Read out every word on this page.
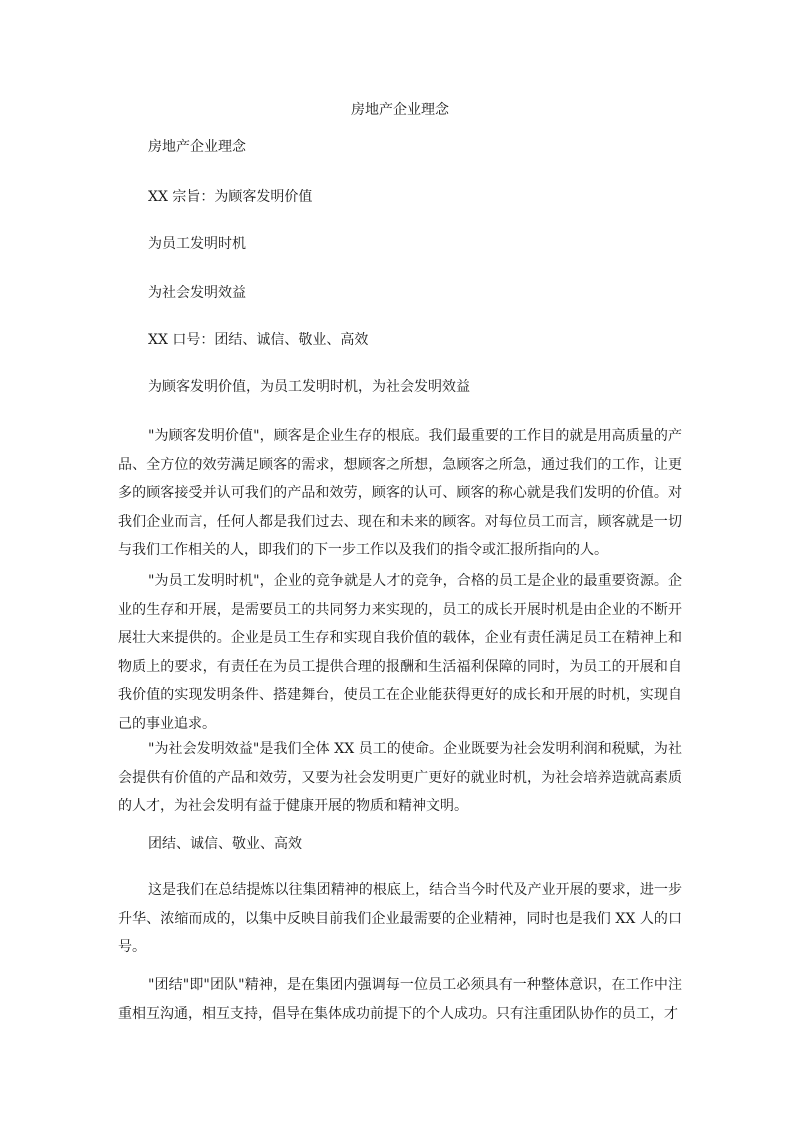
房地产企业理念
房地产企业理念
XX 宗旨：为顾客发明价值
为员工发明时机
为社会发明效益
XX 口号：团结、诚信、敬业、高效
为顾客发明价值，为员工发明时机，为社会发明效益

"为顾客发明价值"，顾客是企业生存的根底。我们最重要的工作目的就是用高质量的产品、全方位的效劳满足顾客的需求，想顾客之所想，急顾客之所急，通过我们的工作，让更多的顾客接受并认可我们的产品和效劳，顾客的认可、顾客的称心就是我们发明的价值。对我们企业而言，任何人都是我们过去、现在和未来的顾客。对每位员工而言，顾客就是一切与我们工作相关的人，即我们的下一步工作以及我们的指令或汇报所指向的人。

"为员工发明时机"，企业的竞争就是人才的竞争，合格的员工是企业的最重要资源。企业的生存和开展，是需要员工的共同努力来实现的，员工的成长开展时机是由企业的不断开展壮大来提供的。企业是员工生存和实现自我价值的载体，企业有责任满足员工在精神上和物质上的要求，有责任在为员工提供合理的报酬和生活福利保障的同时，为员工的开展和自我价值的实现发明条件、搭建舞台，使员工在企业能获得更好的成长和开展的时机，实现自己的事业追求。

"为社会发明效益"是我们全体 XX 员工的使命。企业既要为社会发明利润和税赋，为社会提供有价值的产品和效劳，又要为社会发明更广更好的就业时机，为社会培养造就高素质的人才，为社会发明有益于健康开展的物质和精神文明。

团结、诚信、敬业、高效

这是我们在总结提炼以往集团精神的根底上，结合当今时代及产业开展的要求，进一步升华、浓缩而成的，以集中反映目前我们企业最需要的企业精神，同时也是我们 XX 人的口号。

"团结"即"团队"精神，是在集团内强调每一位员工必须具有一种整体意识，在工作中注重相互沟通，相互支持，倡导在集体成功前提下的个人成功。只有注重团队协作的员工，才
